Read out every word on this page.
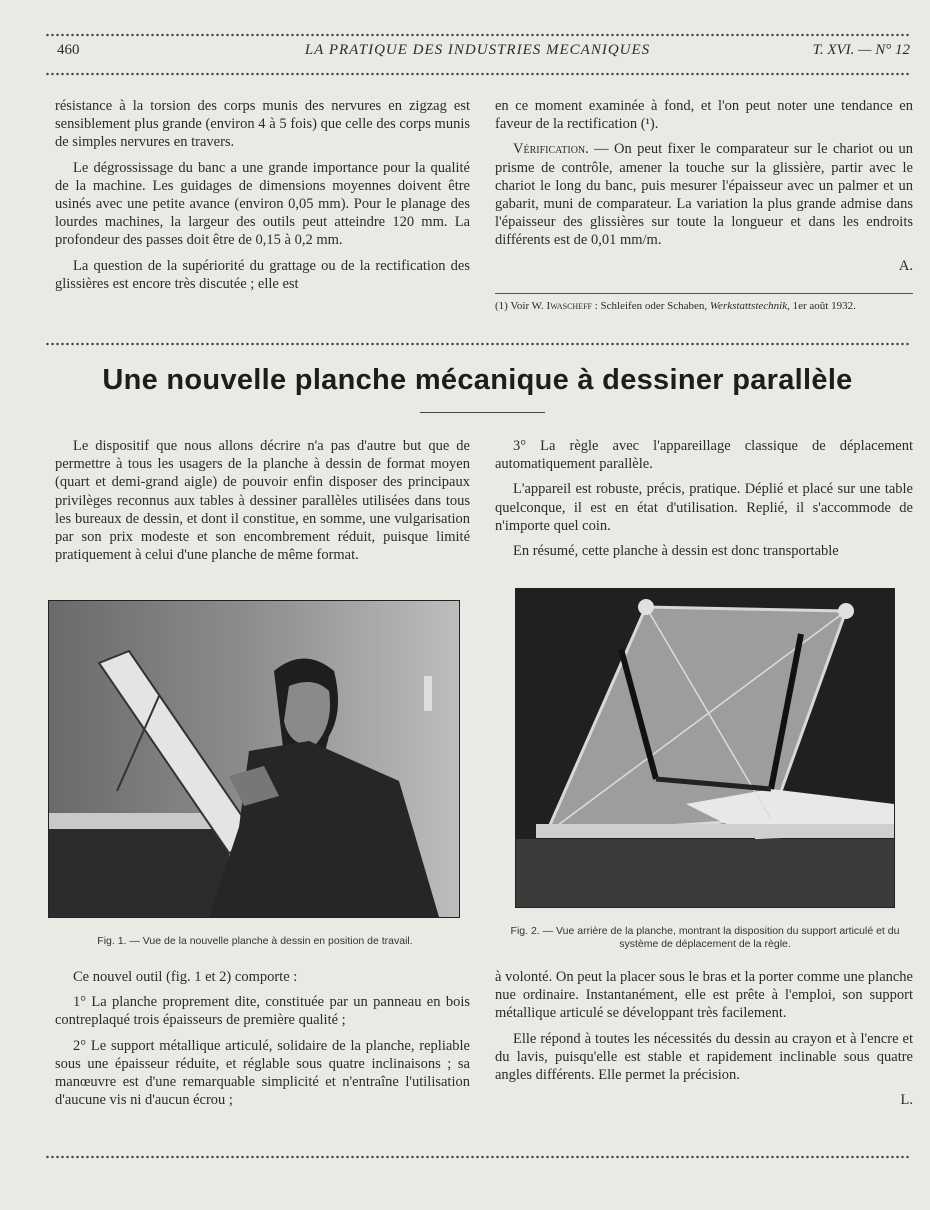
460	LA PRATIQUE DES INDUSTRIES MECANIQUES	T. XVI. — N° 12

résistance à la torsion des corps munis des nervures en zigzag est sensiblement plus grande (environ 4 à 5 fois) que celle des corps munis de simples nervures en travers.

Le dégrossissage du banc a une grande importance pour la qualité de la machine. Les guidages de dimensions moyennes doivent être usinés avec une petite avance (environ 0,05 mm). Pour le planage des lourdes machines, la largeur des outils peut atteindre 120 mm. La profondeur des passes doit être de 0,15 à 0,2 mm.

La question de la supériorité du grattage ou de la rectification des glissières est encore très discutée ; elle est

en ce moment examinée à fond, et l'on peut noter une tendance en faveur de la rectification (¹).

Vérification. — On peut fixer le comparateur sur le chariot ou un prisme de contrôle, amener la touche sur la glissière, partir avec le chariot le long du banc, puis mesurer l'épaisseur avec un palmer et un gabarit, muni de comparateur. La variation la plus grande admise dans l'épaisseur des glissières sur toute la longueur et dans les endroits différents est de 0,01 mm/m.

A.

(1) Voir W. Iwascheff : Schleifen oder Schaben, Werkstattstechnik, 1er août 1932.
Une nouvelle planche mécanique à dessiner parallèle

Le dispositif que nous allons décrire n'a pas d'autre but que de permettre à tous les usagers de la planche à dessin de format moyen (quart et demi-grand aigle) de pouvoir enfin disposer des principaux privilèges reconnus aux tables à dessiner parallèles utilisées dans tous les bureaux de dessin, et dont il constitue, en somme, une vulgarisation par son prix modeste et son encombrement réduit, puisque limité pratiquement à celui d'une planche de même format.

3° La règle avec l'appareillage classique de déplacement automatiquement parallèle.

L'appareil est robuste, précis, pratique. Déplié et placé sur une table quelconque, il est en état d'utilisation. Replié, il s'accommode de n'importe quel coin.

En résumé, cette planche à dessin est donc transportable

Fig. 1. — Vue de la nouvelle planche à dessin en position de travail.
Fig. 2. — Vue arrière de la planche, montrant la disposition du support articulé et du système de déplacement de la règle.

Ce nouvel outil (fig. 1 et 2) comporte :

1° La planche proprement dite, constituée par un panneau en bois contreplaqué trois épaisseurs de première qualité ;

2° Le support métallique articulé, solidaire de la planche, repliable sous une épaisseur réduite, et réglable sous quatre inclinaisons ; sa manœuvre est d'une remarquable simplicité et n'entraîne l'utilisation d'aucune vis ni d'aucun écrou ;

à volonté. On peut la placer sous le bras et la porter comme une planche nue ordinaire. Instantanément, elle est prête à l'emploi, son support métallique articulé se développant très facilement.

Elle répond à toutes les nécessités du dessin au crayon et à l'encre et du lavis, puisqu'elle est stable et rapidement inclinable sous quatre angles différents. Elle permet la précision.

L.
